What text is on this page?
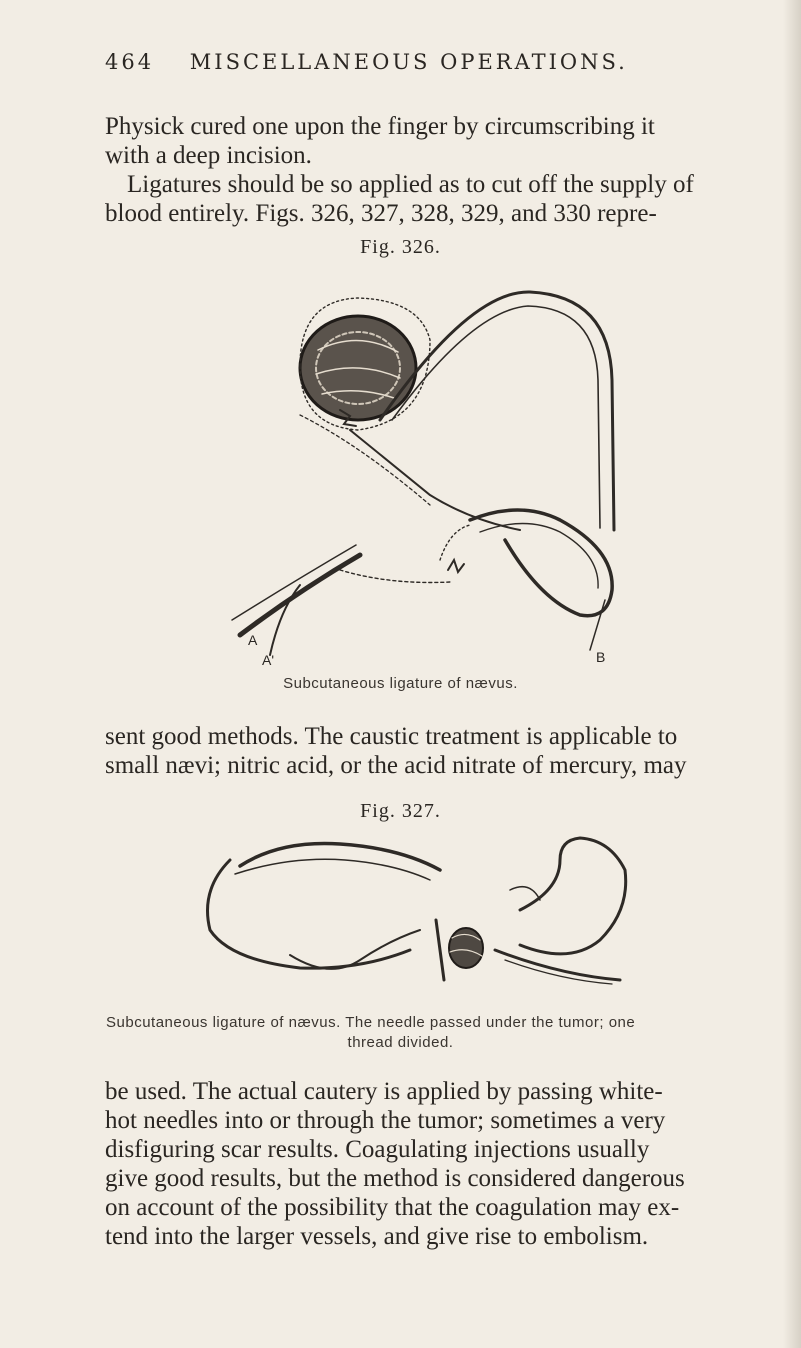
464 MISCELLANEOUS OPERATIONS.
Physick cured one upon the finger by circumscribing it
with a deep incision.
Ligatures should be so applied as to cut off the supply of
blood entirely. Figs. 326, 327, 328, 329, and 330 repre-
Fig. 326.
A
A'	B
Subcutaneous ligature of nævus.
sent good methods. The caustic treatment is applicable to
small nævi; nitric acid, or the acid nitrate of mercury, may
Fig. 327.
Subcutaneous ligature of nævus. The needle passed under the tumor; one
thread divided.
be used. The actual cautery is applied by passing white-
hot needles into or through the tumor; sometimes a very
disfiguring scar results. Coagulating injections usually
give good results, but the method is considered dangerous
on account of the possibility that the coagulation may ex-
tend into the larger vessels, and give rise to embolism.
